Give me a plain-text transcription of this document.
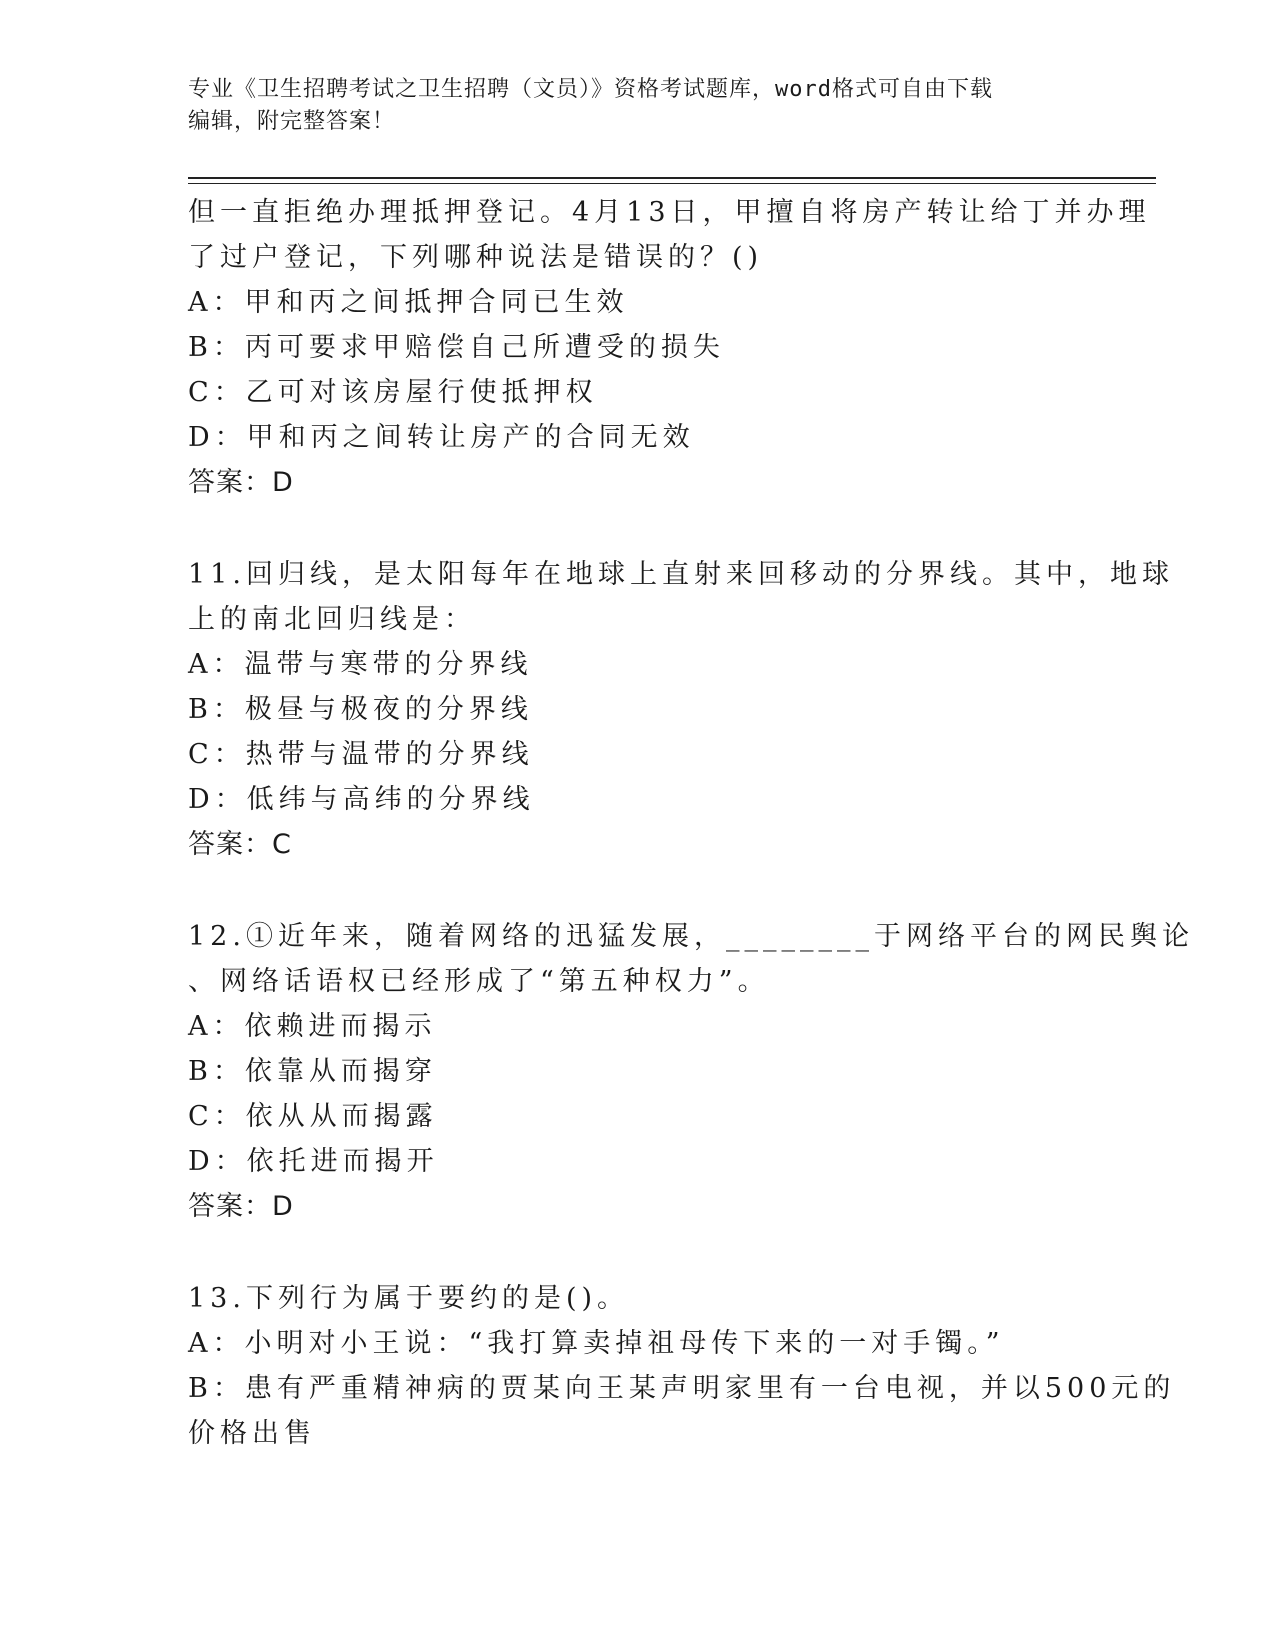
专业《卫生招聘考试之卫生招聘（文员）》资格考试题库，word格式可自由下载
编辑，附完整答案！
但一直拒绝办理抵押登记。4月13日，甲擅自将房产转让给丁并办理
了过户登记，下列哪种说法是错误的？()
A：甲和丙之间抵押合同已生效
B：丙可要求甲赔偿自己所遭受的损失
C：乙可对该房屋行使抵押权
D：甲和丙之间转让房产的合同无效
答案：D
11.回归线，是太阳每年在地球上直射来回移动的分界线。其中，地球
上的南北回归线是：
A：温带与寒带的分界线
B：极昼与极夜的分界线
C：热带与温带的分界线
D：低纬与高纬的分界线
答案：C
12.①近年来，随着网络的迅猛发展，________于网络平台的网民舆论
、网络话语权已经形成了“第五种权力”。
A：依赖进而揭示
B：依靠从而揭穿
C：依从从而揭露
D：依托进而揭开
答案：D
13.下列行为属于要约的是()。
A：小明对小王说：“我打算卖掉祖母传下来的一对手镯。”
B：患有严重精神病的贾某向王某声明家里有一台电视，并以500元的
价格出售
